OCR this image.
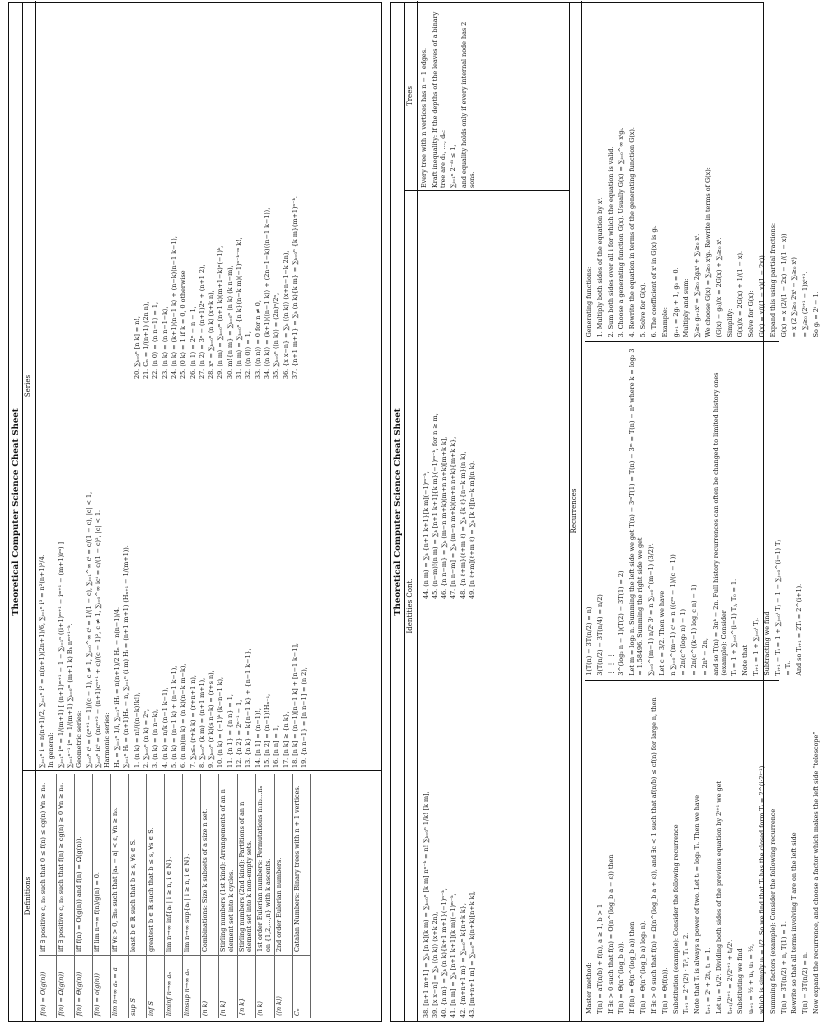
Theoretical Computer Science Cheat Sheet
Definitions
f(n) = O(g(n))
iff ∃ positive c, n₀ such that 0 ≤ f(n) ≤ cg(n) ∀n ≥ n₀.
f(n) = Ω(g(n))
iff ∃ positive c, n₀ such that f(n) ≥ cg(n) ≥ 0 ∀n ≥ n₀.
f(n) = Θ(g(n))
iff f(n) = O(g(n)) and f(n) = Ω(g(n)).
f(n) = o(g(n))
iff lim n→∞ f(n)/g(n) = 0.
lim n→∞ aₙ = a
iff ∀ε > 0, ∃n₀ such that |aₙ − a| < ε, ∀n ≥ n₀.
sup S
least b ∈ ℝ such that b ≥ s, ∀s ∈ S.
inf S
greatest b ∈ ℝ such that b ≤ s, ∀s ∈ S.
liminf n→∞ aₙ
lim n→∞ inf{aᵢ | i ≥ n, i ∈ ℕ}.
limsup n→∞ aₙ
lim n→∞ sup{aᵢ | i ≥ n, i ∈ ℕ}.
(n k)
Combinations: Size k subsets of a size n set.
[n k]
Stirling numbers (1st kind): Arrangements of an n element set into k cycles.
{n k}
Stirling numbers (2nd kind): Partitions of an n element set into k non-empty sets.
⟨n k⟩
1st order Eulerian numbers: Permutations π₁π₂…πₙ on {1,2,…,n} with k ascents.
⟨⟨n k⟩⟩
2nd order Eulerian numbers.
Cₙ
Catalan Numbers: Binary trees with n + 1 vertices.
Series
∑ᵢ₌₁ⁿ i = n(n+1)/2, ∑ᵢ₌₁ⁿ i² = n(n+1)(2n+1)/6, ∑ᵢ₌₁ⁿ i³ = n²(n+1)²/4. In general: ∑ᵢ₌₁ⁿ iᵐ = 1/(m+1) [ (n+1)ᵐ⁺¹ − 1 − ∑ᵢ₌₁ⁿ ((i+1)ᵐ⁺¹ − iᵐ⁺¹ − (m+1)iᵐ) ] ∑ᵢ₌₁ⁿ⁻¹ iᵐ = 1/(m+1) ∑ₖ₌₀ᵐ (m+1 k) Bₖ nᵐ⁺¹⁻ᵏ. Geometric series: ∑ᵢ₌₀ⁿ cⁱ = (cⁿ⁺¹ − 1)/(c − 1), c ≠ 1, ∑ᵢ₌₀^∞ cⁱ = 1/(1 − c), ∑ᵢ₌₁^∞ cⁱ = c/(1 − c), |c| < 1, ∑ᵢ₌₀ⁿ icⁱ = (ncⁿ⁺² − (n+1)cⁿ⁺¹ + c)/(c − 1)², c ≠ 1, ∑ᵢ₌₀^∞ icⁱ = c/(1 − c)², |c| < 1. Harmonic series: Hₙ = ∑ᵢ₌₁ⁿ 1/i, ∑ᵢ₌₁ⁿ iHᵢ = n(n+1)/2 Hₙ − n(n−1)/4. ∑ᵢ₌₁ⁿ Hᵢ = (n+1)Hₙ − n, ∑ᵢ₌₁ⁿ (i m) Hᵢ = (n+1 m+1) (Hₙ₊₁ − 1/(m+1)). 1. (n k) = n!/((n−k)!k!), 2. ∑ₖ₌₀ⁿ (n k) = 2ⁿ, 3. (n k) = (n n−k), 4. (n k) = n/k (n−1 k−1), 5. (n k) = (n−1 k) + (n−1 k−1), 6. (n m)(m k) = (n k)(n−k m−k), 7. ∑ₖ≤ₙ (r+k k) = (r+n+1 n), 8. ∑ₖ₌₀ⁿ (k m) = (n+1 m+1), 9. ∑ₖ₌₀ⁿ (r k)(s n−k) = (r+s n), 10. (n k) = (−1)ᵏ (k−n−1 k), 11. {n 1} = {n n} = 1, 12. {n 2} = 2ⁿ⁻¹ − 1, 13. {n k} = k{n−1 k} + {n−1 k−1}, 14. [n 1] = (n−1)!, 15. [n 2] = (n−1)!Hₙ₋₁, 16. [n n] = 1, 17. [n k] ≥ {n k}, 18. [n k] = (n−1)[n−1 k] + [n−1 k−1], 19. {n n−1} = [n n−1] = (n 2),
20. ∑ₖ₌₀ⁿ [n k] = n!, 21. Cₙ = 1/(n+1) (2n n), 22. ⟨n 0⟩ = ⟨n n−1⟩ = 1, 23. ⟨n k⟩ = ⟨n n−1−k⟩, 24. ⟨n k⟩ = (k+1)⟨n−1 k⟩ + (n−k)⟨n−1 k−1⟩, 25. ⟨0 k⟩ = 1 if k = 0, 0 otherwise 26. ⟨n 1⟩ = 2ⁿ − n − 1, 27. ⟨n 2⟩ = 3ⁿ − (n+1)2ⁿ + (n+1 2), 28. xⁿ = ∑ₖ₌₀ⁿ ⟨n k⟩ (x+k n), 29. ⟨n m⟩ = ∑ₖ₌₀ᵐ (n+1 k)(m+1−k)ⁿ(−1)ᵏ, 30. m!{n m} = ∑ₖ₌₀ⁿ ⟨n k⟩ (k n−m), 31. ⟨n m⟩ = ∑ₖ₌₀ⁿ {n k}(n−k m)(−1)ⁿ⁻ᵏ⁻ᵐ k!, 32. ⟨⟨n 0⟩⟩ = 1, 33. ⟨⟨n n⟩⟩ = 0 for n ≠ 0, 34. ⟨⟨n k⟩⟩ = (k+1)⟨⟨n−1 k⟩⟩ + (2n−1−k)⟨⟨n−1 k−1⟩⟩, 35. ∑ₖ₌₀ⁿ ⟨⟨n k⟩⟩ = (2n)ⁿ/2ⁿ, 36. {x x−n} = ∑ₖ ⟨⟨n k⟩⟩ (x+n−1−k 2n), 37. {n+1 m+1} = ∑ₖ (n k){k m} = ∑ₖ₌₀ⁿ {k m}(m+1)ⁿ⁻ᵏ.
Theoretical Computer Science Cheat Sheet Identities Cont.
38. [n+1 m+1] = ∑ₖ [n k](k m) = ∑ₖ₌₀ⁿ [k m] nⁿ⁻ᵏ = n! ∑ₖ₌₀ⁿ 1/k! [k m], 39. [x x−n] = ∑ₖ ⟨⟨n k⟩⟩ (x+k 2n), 40. {n m} = ∑ₖ (n k){k+1 m+1}(−1)ⁿ⁻ᵏ, 41. [n m] = ∑ₖ [n+1 k+1](k m)(−1)ᵐ⁻ᵏ, 42. {m+n+1 m} = ∑ₖ₌₀ᵐ k{n+k k}, 43. [m+n+1 m] = ∑ₖ₌₀ᵐ k(n+k)[n+k k],
44. (n m) = ∑ₖ {n+1 k+1}[k m](−1)ᵐ⁻ᵏ, 45. (n−m)!(n m) = ∑ₖ [n+1 k+1]{k m}(−1)ᵐ⁻ᵏ, for n ≥ m, 46. {n n−m} = ∑ₖ (m−n m+k)(m+n n+k)[m+k k], 47. [n n−m] = ∑ₖ (m−n m+k)(m+n n+k){m+k k}, 48. {n ℓ+m}(ℓ+m ℓ) = ∑ₖ {k ℓ}{n−k m}(n k), 49. [n ℓ+m](ℓ+m ℓ) = ∑ₖ [k ℓ][n−k m](n k).
Trees Every tree with n vertices has n − 1 edges. Kraft inequality: If the depths of the leaves of a binary tree are d₁, …, dₙ: ∑ᵢ₌₁ⁿ 2⁻ᵈⁱ ≤ 1, and equality holds only if every internal node has 2 sons.
Recurrences
Master method: T(n) = aT(n/b) + f(n), a ≥ 1, b > 1 If ∃ε > 0 such that f(n) = O(n^(log_b a − ε)) then T(n) = Θ(n^(log_b a)). If f(n) = Θ(n^(log_b a)) then T(n) = Θ(n^(log_b a) log₂ n). If ∃ε > 0 such that f(n) = Ω(n^(log_b a + ε)), and ∃c < 1 such that af(n/b) ≤ cf(n) for large n, then T(n) = Θ(f(n)). Substitution (example): Consider the following recurrence Tᵢ₊₁ = 2^(2ⁱ) · Tᵢ², T₁ = 2. Note that Tᵢ is always a power of two. Let tᵢ = log₂ Tᵢ. Then we have tᵢ₊₁ = 2ⁱ + 2tᵢ, t₁ = 1. Let uᵢ = tᵢ/2ⁱ. Dividing both sides of the previous equation by 2ⁱ⁺¹ we get tᵢ₊₁/2ⁱ⁺¹ = 2ⁱ/2ⁱ⁺¹ + tᵢ/2ⁱ. Substituting we find uᵢ₊₁ = ½ + uᵢ, u₁ = ½, which is simply uᵢ = i/2. So we find that Tᵢ has the closed form Tᵢ = 2^(i·2ⁱ⁻¹). Summing factors (example): Consider the following recurrence T(n) = 3T(n/2) + n, T(1) = 1. Rewrite so that all terms involving T are on the left side T(n) − 3T(n/2) = n. Now expand the recurrence, and choose a factor which makes the left side “telescope”
1(T(n) − 3T(n/2) = n) 3(T(n/2) − 3T(n/4) = n/2) ⋮ ⋮ ⋮ 3^(log₂ n − 1)(T(2) − 3T(1) = 2) Let m = log₂ n. Summing the left side we get T(n) − 3ᵐT(1) = T(n) − 3ᵐ = T(n) − nᵏ where k = log₂ 3 ≈ 1.58496. Summing the right side we get ∑ᵢ₌₀^(m−1) n/2ⁱ 3ⁱ = n ∑ᵢ₌₀^(m−1) (3/2)ⁱ. Let c = 3/2. Then we have n ∑ᵢ₌₀^(m−1) cⁱ = n ((cᵐ − 1)/(c − 1)) = 2n(c^(log₂ n) − 1) = 2n(c^((k−1) log_c n) − 1) = 2nᵏ − 2n, and so T(n) = 3nᵏ − 2n. Full history recurrences can often be changed to limited history ones (example): Consider Tᵢ = 1 + ∑ⱼ₌₀^(i−1) Tⱼ, T₀ = 1. Note that Tᵢ₊₁ = 1 + ∑ⱼ₌₀ⁱ Tⱼ. Subtracting we find Tᵢ₊₁ − Tᵢ = 1 + ∑ⱼ₌₀ⁱ Tⱼ − 1 − ∑ⱼ₌₀^(i−1) Tⱼ = Tᵢ. And so Tᵢ₊₁ = 2Tᵢ = 2^(i+1).
Generating functions: 1. Multiply both sides of the equation by xⁱ. 2. Sum both sides over all i for which the equation is valid. 3. Choose a generating function G(x). Usually G(x) = ∑ᵢ₌₀^∞ xⁱgᵢ. 4. Rewrite the equation in terms of the generating function G(x). 5. Solve for G(x). 6. The coefficient of xⁱ in G(x) is gᵢ. Example: gᵢ₊₁ = 2gᵢ + 1, g₀ = 0. Multiply and sum: ∑ᵢ≥₀ gᵢ₊₁xⁱ = ∑ᵢ≥₀ 2gᵢxⁱ + ∑ᵢ≥₀ xⁱ. We choose G(x) = ∑ᵢ≥₀ xⁱgᵢ. Rewrite in terms of G(x): (G(x) − g₀)/x = 2G(x) + ∑ᵢ≥₀ xⁱ. Simplify: G(x)/x = 2G(x) + 1/(1 − x). Solve for G(x): G(x) = x/((1 − x)(1 − 2x)). Expand this using partial fractions: G(x) = x (2/(1 − 2x) − 1/(1 − x)) = x (2 ∑ᵢ≥₀ 2ⁱxⁱ − ∑ᵢ≥₀ xⁱ) = ∑ᵢ≥₀ (2ⁱ⁺¹ − 1)xⁱ⁺¹. So gᵢ = 2ⁱ − 1.
